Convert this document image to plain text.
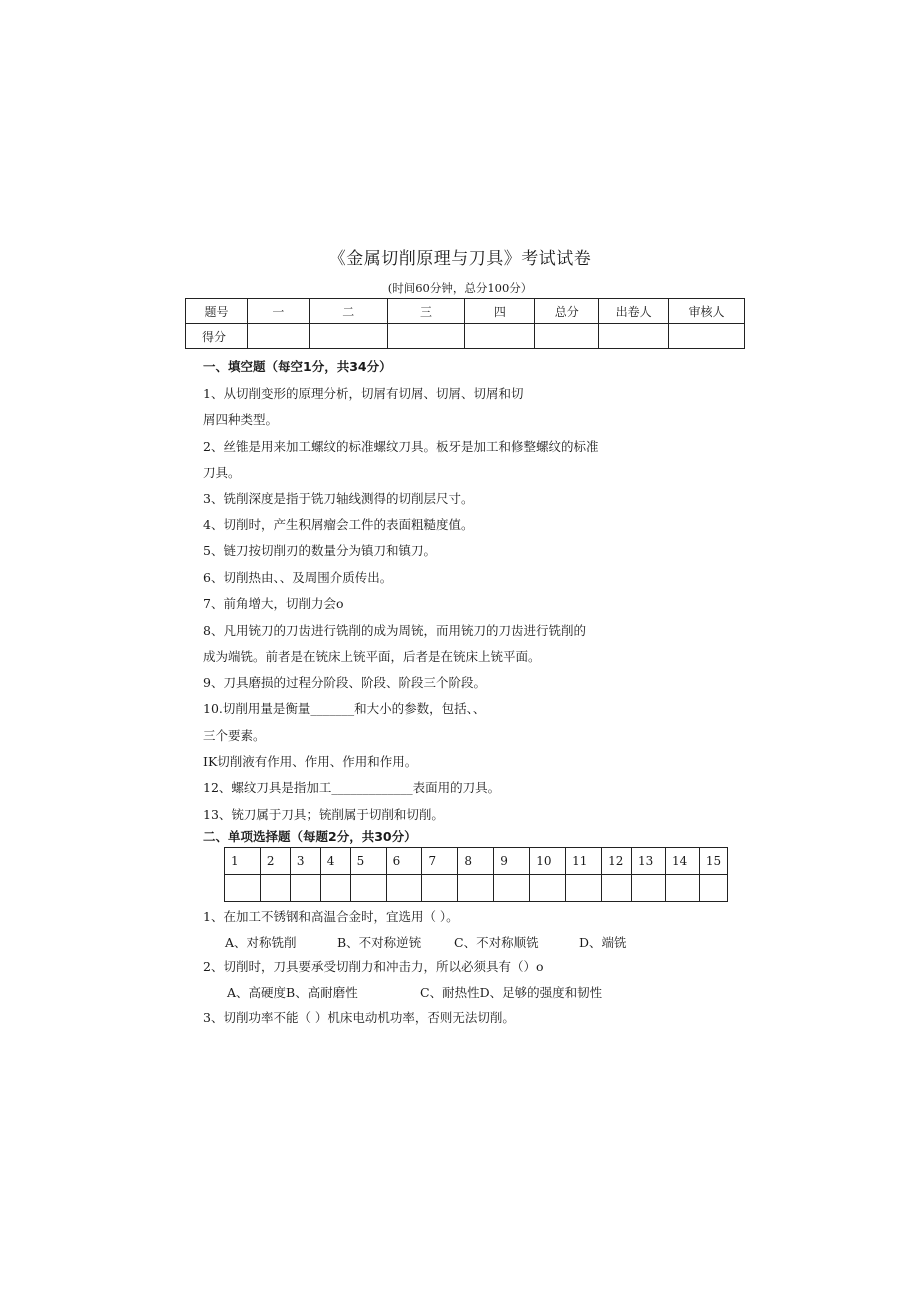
《金属切削原理与刀具》考试试卷
(时间60分钟，总分100分）
题号	一	二	三	四	总分	出卷人	审核人
得分							
一、填空题（每空1分，共34分）
1、从切削变形的原理分析，切屑有切屑、切屑、切屑和切
屑四种类型。
2、丝锥是用来加工螺纹的标准螺纹刀具。板牙是加工和修整螺纹的标准
刀具。
3、铣削深度是指于铣刀轴线测得的切削层尺寸。
4、切削时，产生积屑瘤会工件的表面粗糙度值。
5、链刀按切削刃的数量分为镇刀和镇刀。
6、切削热由、、及周围介质传出。
7、前角增大，切削力会o
8、凡用铳刀的刀齿进行铣削的成为周铳，而用铳刀的刀齿进行铣削的
成为端铣。前者是在铳床上铳平面，后者是在铳床上铳平面。
9、刀具磨损的过程分阶段、阶段、阶段三个阶段。
10.切削用量是衡量_______和大小的参数，包括、、
三个要素。
IK切削液有作用、作用、作用和作用。
12、螺纹刀具是指加工_____________表面用的刀具。
13、铳刀属于刀具；铳削属于切削和切削。
二、单项选择题（每题2分，共30分）
1	2	3	4	5	6	7	8	9	10	11	12	13	14	15

1、在加工不锈钢和高温合金时，宜选用（ ）。
A、对称铣削	B、不对称逆铳	C、不对称顺铣	D、端铣
2、切削时，刀具要承受切削力和冲击力，所以必须具有（）o
A、高硬度B、高耐磨性	C、耐热性D、足够的强度和韧性
3、切削功率不能（ ）机床电动机功率，否则无法切削。
